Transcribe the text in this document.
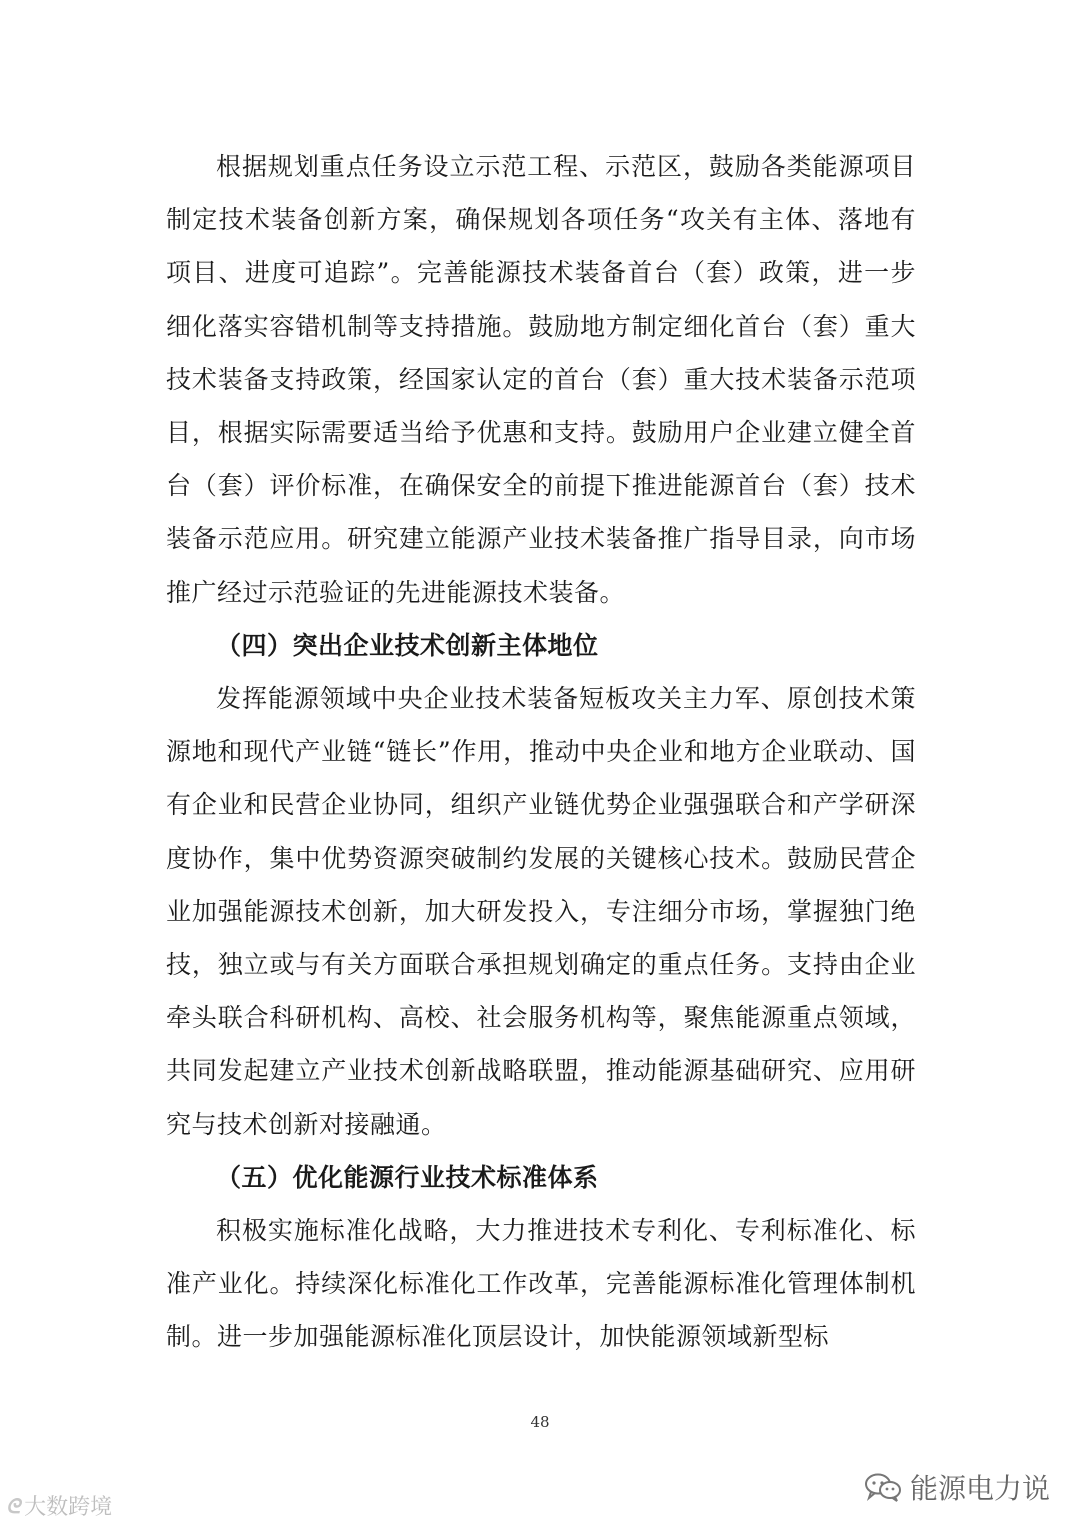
根据规划重点任务设立示范工程、示范区，鼓励各类能源项目制定技术装备创新方案，确保规划各项任务“攻关有主体、落地有项目、进度可追踪”。完善能源技术装备首台（套）政策，进一步细化落实容错机制等支持措施。鼓励地方制定细化首台（套）重大技术装备支持政策，经国家认定的首台（套）重大技术装备示范项目，根据实际需要适当给予优惠和支持。鼓励用户企业建立健全首台（套）评价标准，在确保安全的前提下推进能源首台（套）技术装备示范应用。研究建立能源产业技术装备推广指导目录，向市场推广经过示范验证的先进能源技术装备。

（四）突出企业技术创新主体地位

发挥能源领域中央企业技术装备短板攻关主力军、原创技术策源地和现代产业链“链长”作用，推动中央企业和地方企业联动、国有企业和民营企业协同，组织产业链优势企业强强联合和产学研深度协作，集中优势资源突破制约发展的关键核心技术。鼓励民营企业加强能源技术创新，加大研发投入，专注细分市场，掌握独门绝技，独立或与有关方面联合承担规划确定的重点任务。支持由企业牵头联合科研机构、高校、社会服务机构等，聚焦能源重点领域，共同发起建立产业技术创新战略联盟，推动能源基础研究、应用研究与技术创新对接融通。

（五）优化能源行业技术标准体系

积极实施标准化战略，大力推进技术专利化、专利标准化、标准产业化。持续深化标准化工作改革，完善能源标准化管理体制机制。进一步加强能源标准化顶层设计，加快能源领域新型标

48
ᘓ 大数跨境
能源电力说
